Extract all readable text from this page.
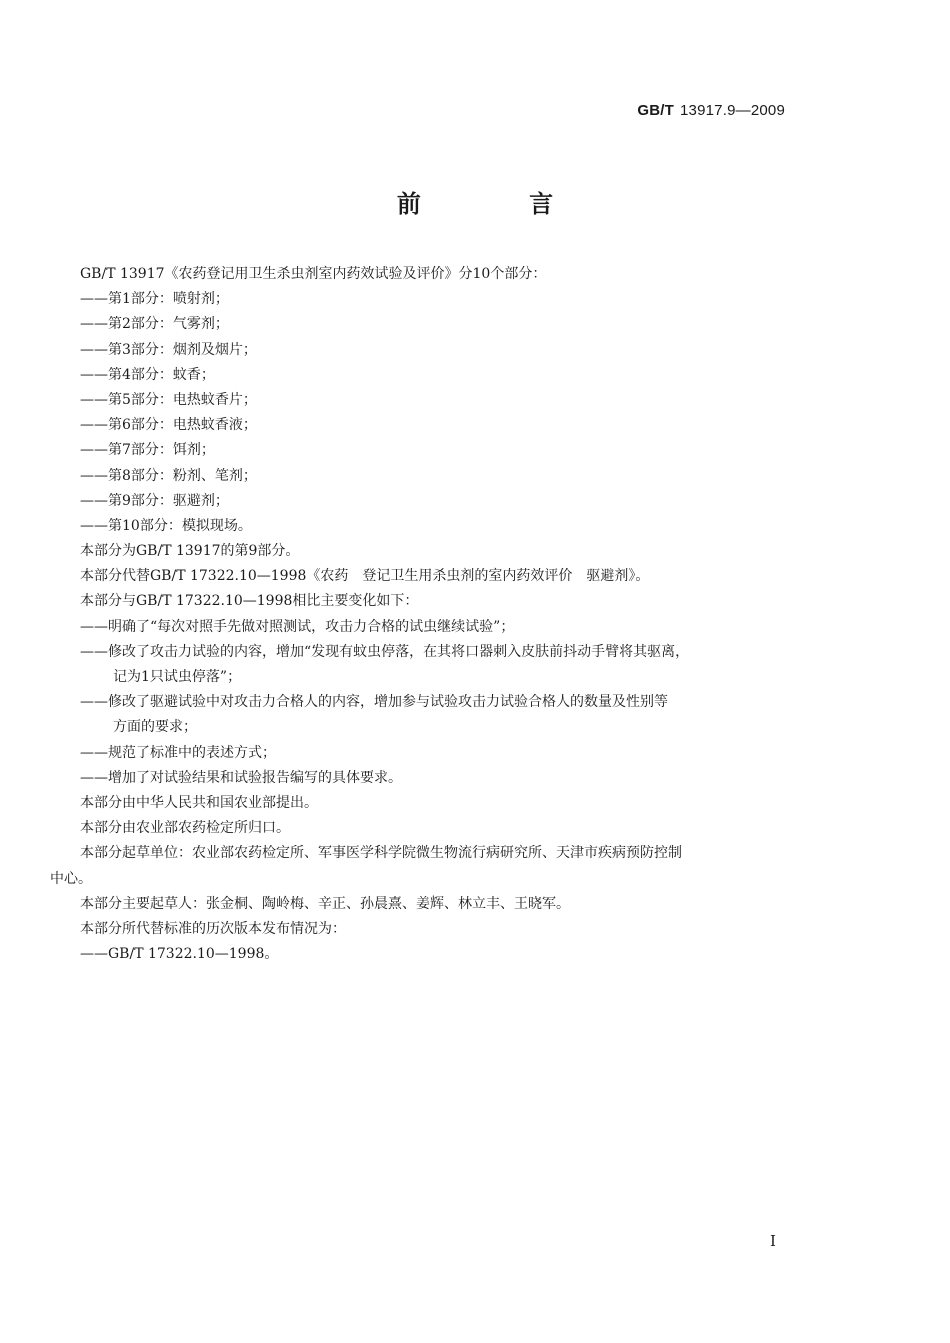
GB/T 13917.9—2009
前 言
GB/T 13917《农药登记用卫生杀虫剂室内药效试验及评价》分10个部分：
——第1部分：喷射剂；
——第2部分：气雾剂；
——第3部分：烟剂及烟片；
——第4部分：蚊香；
——第5部分：电热蚊香片；
——第6部分：电热蚊香液；
——第7部分：饵剂；
——第8部分：粉剂、笔剂；
——第9部分：驱避剂；
——第10部分：模拟现场。
本部分为GB/T 13917的第9部分。
本部分代替GB/T 17322.10—1998《农药　登记卫生用杀虫剂的室内药效评价　驱避剂》。
本部分与GB/T 17322.10—1998相比主要变化如下：
——明确了“每次对照手先做对照测试，攻击力合格的试虫继续试验”；
——修改了攻击力试验的内容，增加“发现有蚊虫停落，在其将口器刺入皮肤前抖动手臂将其驱离，
记为1只试虫停落”；
——修改了驱避试验中对攻击力合格人的内容，增加参与试验攻击力试验合格人的数量及性别等
方面的要求；
——规范了标准中的表述方式；
——增加了对试验结果和试验报告编写的具体要求。
本部分由中华人民共和国农业部提出。
本部分由农业部农药检定所归口。
本部分起草单位：农业部农药检定所、军事医学科学院微生物流行病研究所、天津市疾病预防控制
中心。
本部分主要起草人：张金桐、陶岭梅、辛正、孙晨熹、姜辉、林立丰、王晓军。
本部分所代替标准的历次版本发布情况为：
——GB/T 17322.10—1998。
I
